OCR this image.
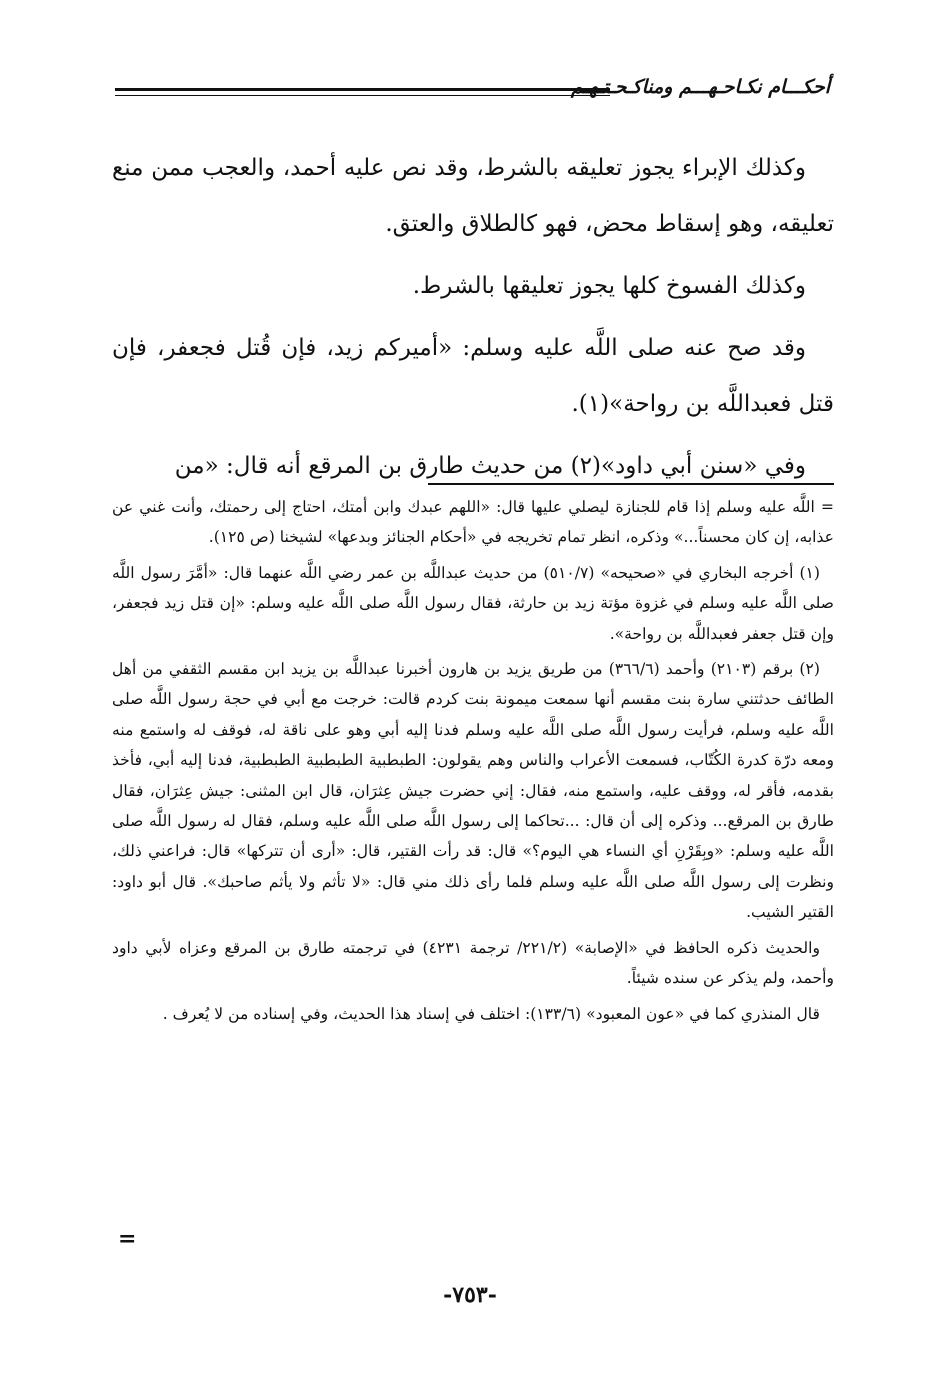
أحكـــام نكـاحـهـــم ومناكـحـتـهـم

وكذلك الإبراء يجوز تعليقه بالشرط، وقد نص عليه أحمد، والعجب ممن منع تعليقه، وهو إسقاط محض، فهو كالطلاق والعتق.

وكذلك الفسوخ كلها يجوز تعليقها بالشرط.

وقد صح عنه صلى اللَّه عليه وسلم: «أميركم زيد، فإن قُتل فجعفر، فإن قتل فعبداللَّه بن رواحة»(١).

وفي «سنن أبي داود»(٢) من حديث طارق بن المرقع أنه قال: «من

= اللَّه عليه وسلم إذا قام للجنازة ليصلي عليها قال: «اللهم عبدك وابن أمتك، احتاج إلى رحمتك، وأنت غني عن عذابه، إن كان محسناً...» وذكره، انظر تمام تخريجه في «أحكام الجنائز وبدعها» لشيخنا (ص ١٢٥).

(١) أخرجه البخاري في «صحيحه» (٥١٠/٧) من حديث عبداللَّه بن عمر رضي اللَّه عنهما قال: «أمَّرَ رسول اللَّه صلى اللَّه عليه وسلم في غزوة مؤتة زيد بن حارثة، فقال رسول اللَّه صلى اللَّه عليه وسلم: «إن قتل زيد فجعفر، وإن قتل جعفر فعبداللَّه بن رواحة».

(٢) برقم (٢١٠٣) وأحمد (٣٦٦/٦) من طريق يزيد بن هارون أخبرنا عبداللَّه بن يزيد ابن مقسم الثقفي من أهل الطائف حدثتني سارة بنت مقسم أنها سمعت ميمونة بنت كردم قالت: خرجت مع أبي في حجة رسول اللَّه صلى اللَّه عليه وسلم، فرأيت رسول اللَّه صلى اللَّه عليه وسلم فدنا إليه أبي وهو على ناقة له، فوقف له واستمع منه ومعه درّة كدرة الكُتّاب، فسمعت الأعراب والناس وهم يقولون: الطبطبية الطبطبية الطبطبية، فدنا إليه أبي، فأخذ بقدمه، فأقر له، ووقف عليه، واستمع منه، فقال: إني حضرت جيش عِثرَان، قال ابن المثنى: جيش عِثرَان، فقال طارق بن المرقع... وذكره إلى أن قال: ...تحاكما إلى رسول اللَّه صلى اللَّه عليه وسلم، فقال له رسول اللَّه صلى اللَّه عليه وسلم: «وبِقَرْنِ أي النساء هي اليوم؟» قال: قد رأت القتير، قال: «أرى أن تتركها» قال: فراعني ذلك، ونظرت إلى رسول اللَّه صلى اللَّه عليه وسلم فلما رأى ذلك مني قال: «لا تأثم ولا يأثم صاحبك». قال أبو داود: القتير الشيب.

والحديث ذكره الحافظ في «الإصابة» (٢٢١/٢/ ترجمة ٤٢٣١) في ترجمته طارق بن المرقع وعزاه لأبي داود وأحمد، ولم يذكر عن سنده شيئاً.

قال المنذري كما في «عون المعبود» (١٣٣/٦): اختلف في إسناد هذا الحديث، وفي إسناده من لا يُعرف .

=
-٧٥٣-
